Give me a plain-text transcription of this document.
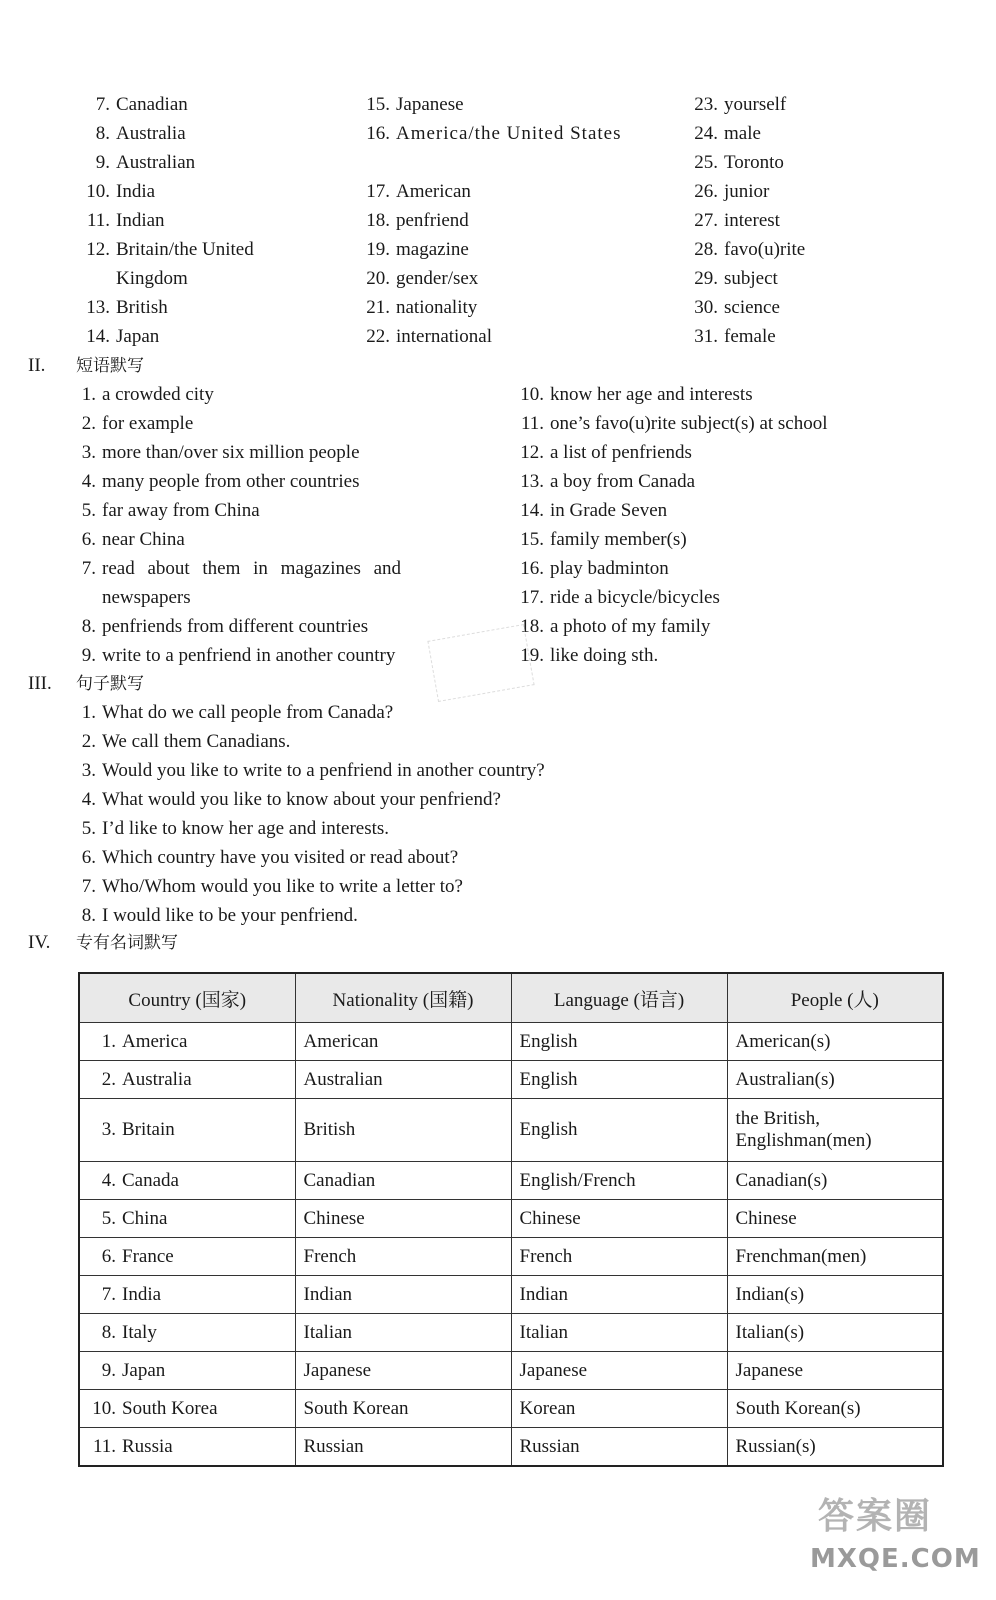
7. Canadian
8. Australia
9. Australian
10. India
11. Indian
12. Britain/the United Kingdom
13. British
14. Japan
15. Japanese
16. America/the United States
17. American
18. penfriend
19. magazine
20. gender/sex
21. nationality
22. international
23. yourself
24. male
25. Toronto
26. junior
27. interest
28. favo(u)rite
29. subject
30. science
31. female
II. 短语默写
1. a crowded city
2. for example
3. more than/over six million people
4. many people from other countries
5. far away from China
6. near China
7. read about them in magazines and newspapers
8. penfriends from different countries
9. write to a penfriend in another country
10. know her age and interests
11. one’s favo(u)rite subject(s) at school
12. a list of penfriends
13. a boy from Canada
14. in Grade Seven
15. family member(s)
16. play badminton
17. ride a bicycle/bicycles
18. a photo of my family
19. like doing sth.
III. 句子默写
1. What do we call people from Canada?
2. We call them Canadians.
3. Would you like to write to a penfriend in another country?
4. What would you like to know about your penfriend?
5. I’d like to know her age and interests.
6. Which country have you visited or read about?
7. Who/Whom would you like to write a letter to?
8. I would like to be your penfriend.
IV. 专有名词默写
Country (国家)	Nationality (国籍)	Language (语言)	People (人)
1. America	American	English	American(s)
2. Australia	Australian	English	Australian(s)
3. Britain	British	English	the British, Englishman(men)
4. Canada	Canadian	English/French	Canadian(s)
5. China	Chinese	Chinese	Chinese
6. France	French	French	Frenchman(men)
7. India	Indian	Indian	Indian(s)
8. Italy	Italian	Italian	Italian(s)
9. Japan	Japanese	Japanese	Japanese
10. South Korea	South Korean	Korean	South Korean(s)
11. Russia	Russian	Russian	Russian(s)
答案圈
MXQE.COM
